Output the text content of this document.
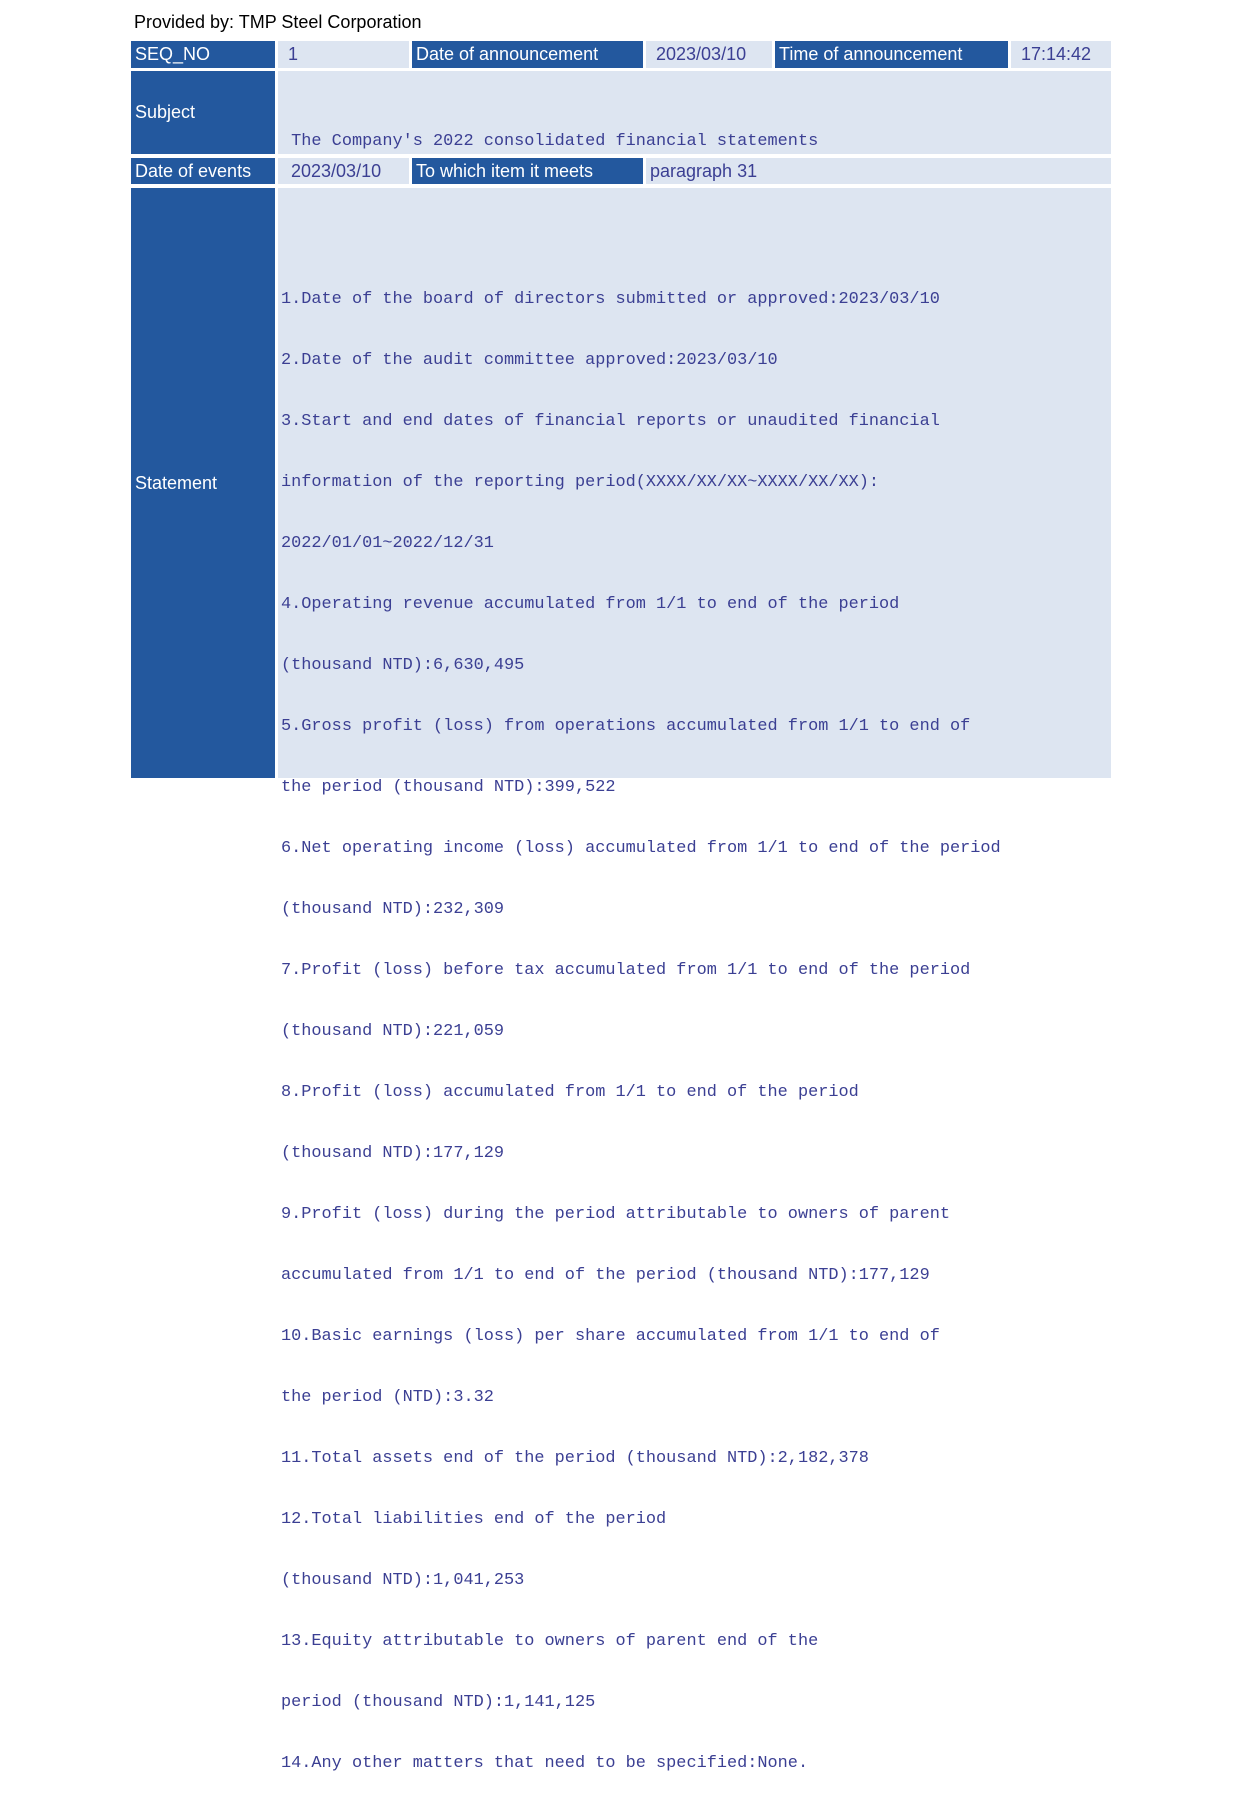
Provided by: TMP Steel Corporation
SEQ_NO	1	Date of announcement	2023/03/10	Time of announcement	17:14:42
Subject

The Company's 2022 consolidated financial statements

Date of events	2023/03/10	To which item it meets	paragraph 31
Statement

1.Date of the board of directors submitted or approved:2023/03/10

2.Date of the audit committee approved:2023/03/10

3.Start and end dates of financial reports or unaudited financial

information of the reporting period(XXXX/XX/XX~XXXX/XX/XX):

2022/01/01~2022/12/31

4.Operating revenue accumulated from 1/1 to end of the period

(thousand NTD):6,630,495

5.Gross profit (loss) from operations accumulated from 1/1 to end of

the period (thousand NTD):399,522

6.Net operating income (loss) accumulated from 1/1 to end of the period

(thousand NTD):232,309

7.Profit (loss) before tax accumulated from 1/1 to end of the period

(thousand NTD):221,059

8.Profit (loss) accumulated from 1/1 to end of the period

(thousand NTD):177,129

9.Profit (loss) during the period attributable to owners of parent

accumulated from 1/1 to end of the period (thousand NTD):177,129

10.Basic earnings (loss) per share accumulated from 1/1 to end of

the period (NTD):3.32

11.Total assets end of the period (thousand NTD):2,182,378

12.Total liabilities end of the period

(thousand NTD):1,041,253

13.Equity attributable to owners of parent end of the

period (thousand NTD):1,141,125

14.Any other matters that need to be specified:None.
